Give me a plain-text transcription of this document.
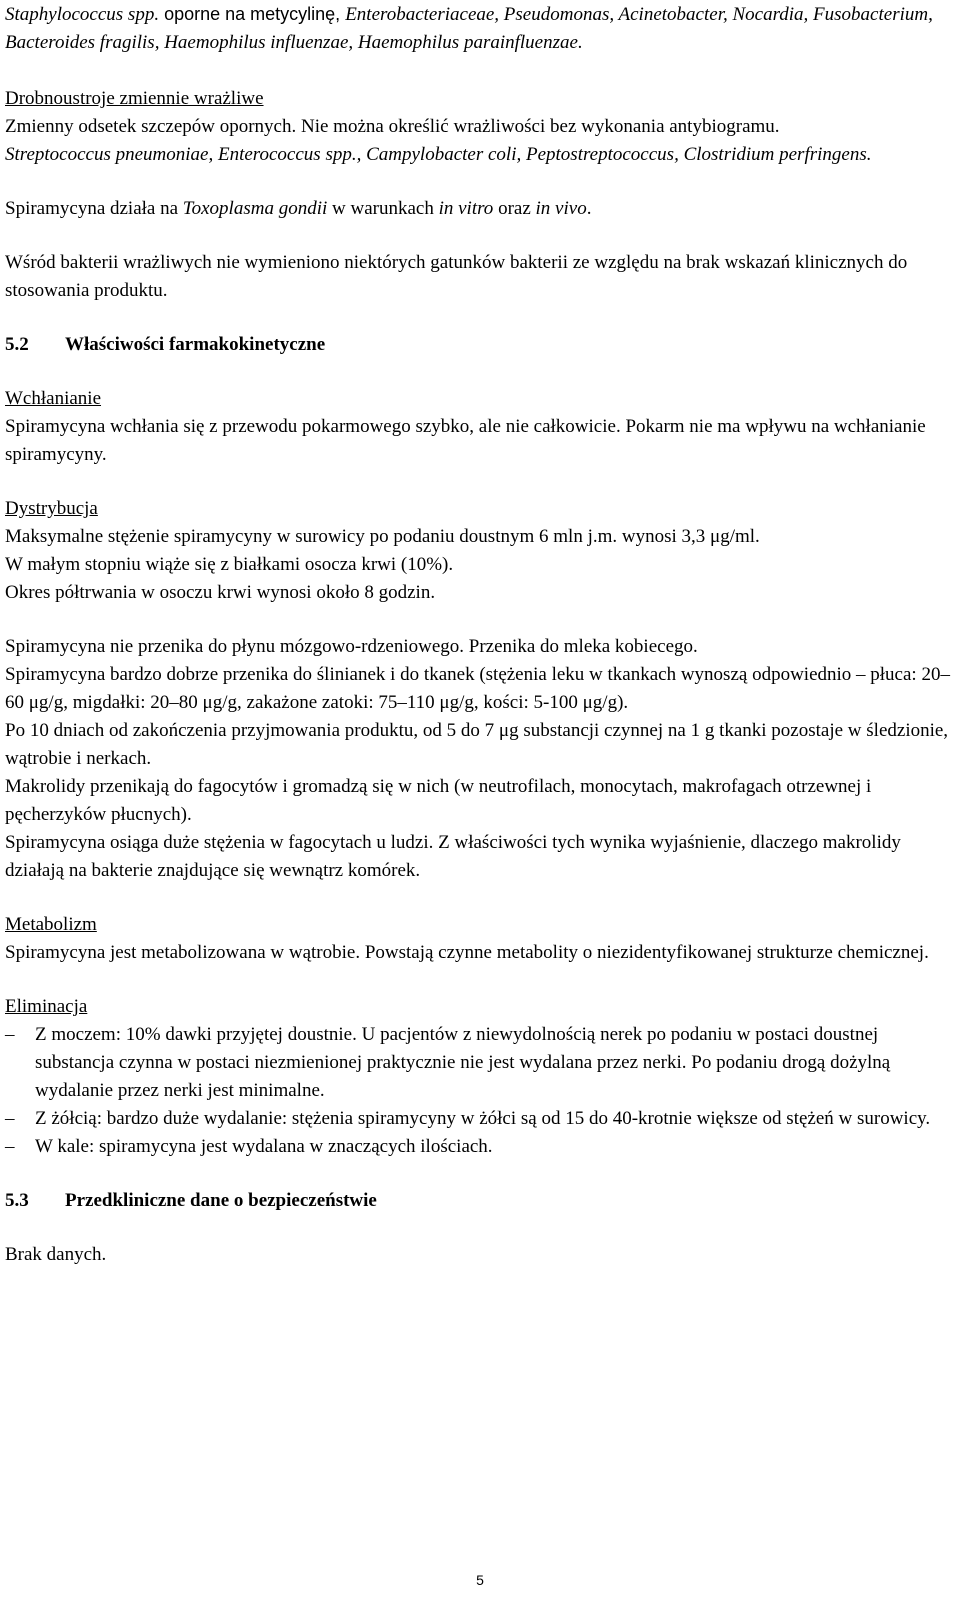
Staphylococcus spp. oporne na metycylinę, Enterobacteriaceae, Pseudomonas, Acinetobacter, Nocardia, Fusobacterium, Bacteroides fragilis, Haemophilus influenzae, Haemophilus parainfluenzae.

Drobnoustroje zmiennie wrażliwe

Zmienny odsetek szczepów opornych. Nie można określić wrażliwości bez wykonania antybiogramu.

Streptococcus pneumoniae, Enterococcus spp., Campylobacter coli, Peptostreptococcus, Clostridium perfringens.

Spiramycyna działa na Toxoplasma gondii w warunkach in vitro oraz in vivo.

Wśród bakterii wrażliwych nie wymieniono niektórych gatunków bakterii ze względu na brak wskazań klinicznych do stosowania produktu.

5.2 Właściwości farmakokinetyczne

Wchłanianie

Spiramycyna wchłania się z przewodu pokarmowego szybko, ale nie całkowicie. Pokarm nie ma wpływu na wchłanianie spiramycyny.

Dystrybucja

Maksymalne stężenie spiramycyny w surowicy po podaniu doustnym 6 mln j.m. wynosi 3,3 μg/ml.

W małym stopniu wiąże się z białkami osocza krwi (10%).

Okres półtrwania w osoczu krwi wynosi około 8 godzin.

Spiramycyna nie przenika do płynu mózgowo-rdzeniowego. Przenika do mleka kobiecego.

Spiramycyna bardzo dobrze przenika do ślinianek i do tkanek (stężenia leku w tkankach wynoszą odpowiednio – płuca: 20–60 μg/g, migdałki: 20–80 μg/g, zakażone zatoki: 75–110 μg/g, kości: 5-100 μg/g).

Po 10 dniach od zakończenia przyjmowania produktu, od 5 do 7 μg substancji czynnej na 1 g tkanki pozostaje w śledzionie, wątrobie i nerkach.

Makrolidy przenikają do fagocytów i gromadzą się w nich (w neutrofilach, monocytach, makrofagach otrzewnej i pęcherzyków płucnych).

Spiramycyna osiąga duże stężenia w fagocytach u ludzi. Z właściwości tych wynika wyjaśnienie, dlaczego makrolidy działają na bakterie znajdujące się wewnątrz komórek.

Metabolizm

Spiramycyna jest metabolizowana w wątrobie. Powstają czynne metabolity o niezidentyfikowanej strukturze chemicznej.

Eliminacja

– Z moczem: 10% dawki przyjętej doustnie. U pacjentów z niewydolnością nerek po podaniu w postaci doustnej substancja czynna w postaci niezmienionej praktycznie nie jest wydalana przez nerki. Po podaniu drogą dożylną wydalanie przez nerki jest minimalne.
– Z żółcią: bardzo duże wydalanie: stężenia spiramycyny w żółci są od 15 do 40-krotnie większe od stężeń w surowicy.
– W kale: spiramycyna jest wydalana w znaczących ilościach.

5.3 Przedkliniczne dane o bezpieczeństwie

Brak danych.

5
